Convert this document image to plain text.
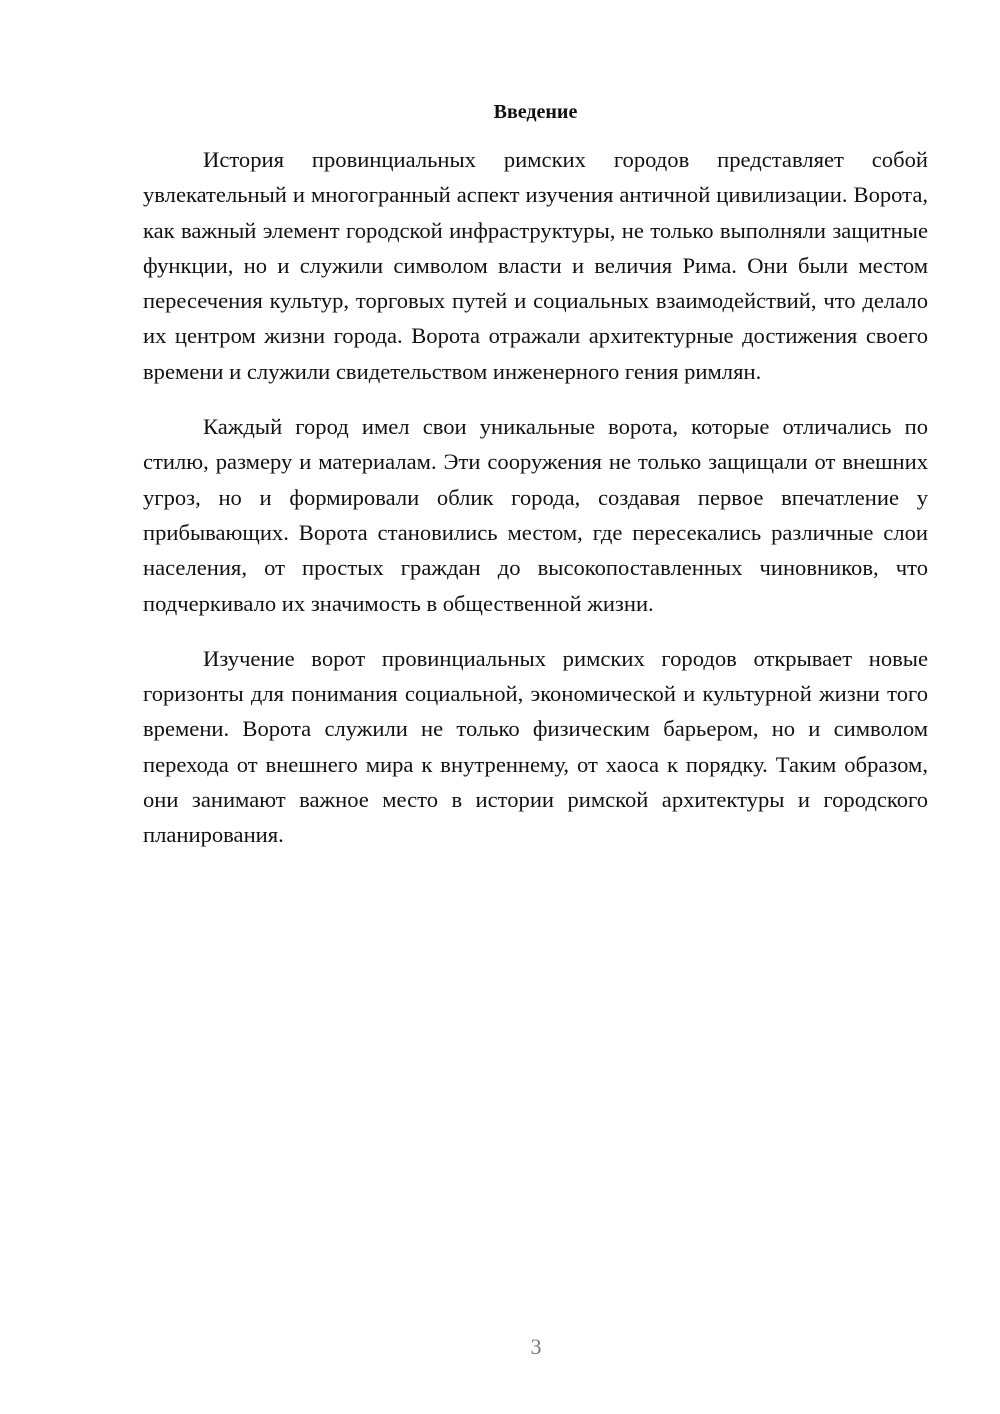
Введение

История провинциальных римских городов представляет собой увлекательный и многогранный аспект изучения античной цивилизации. Ворота, как важный элемент городской инфраструктуры, не только выполняли защитные функции, но и служили символом власти и величия Рима. Они были местом пересечения культур, торговых путей и социальных взаимодействий, что делало их центром жизни города. Ворота отражали архитектурные достижения своего времени и служили свидетельством инженерного гения римлян.

Каждый город имел свои уникальные ворота, которые отличались по стилю, размеру и материалам. Эти сооружения не только защищали от внешних угроз, но и формировали облик города, создавая первое впечатление у прибывающих. Ворота становились местом, где пересекались различные слои населения, от простых граждан до высокопоставленных чиновников, что подчеркивало их значимость в общественной жизни.

Изучение ворот провинциальных римских городов открывает новые горизонты для понимания социальной, экономической и культурной жизни того времени. Ворота служили не только физическим барьером, но и символом перехода от внешнего мира к внутреннему, от хаоса к порядку. Таким образом, они занимают важное место в истории римской архитектуры и городского планирования.

3
